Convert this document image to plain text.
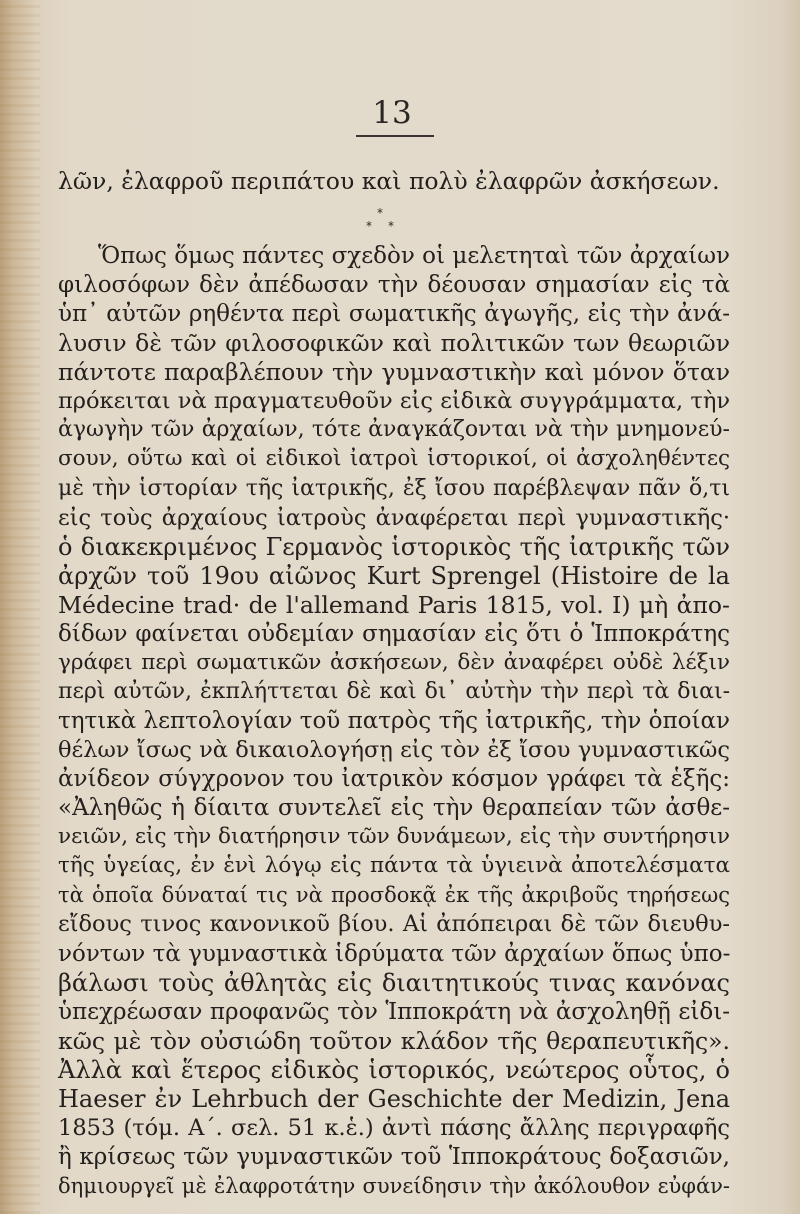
13
λῶν, ἐλαφροῦ περιπάτου καὶ πολὺ ἐλαφρῶν ἀσκήσεων.
*
* *
Ὅπως ὅμως πάντες σχεδὸν οἱ μελετηταὶ τῶν ἀρχαίων
φιλοσόφων δὲν ἀπέδωσαν τὴν δέουσαν σημασίαν εἰς τὰ
ὑπ᾽ αὐτῶν ρηθέντα περὶ σωματικῆς ἀγωγῆς, εἰς τὴν ἀνά-
λυσιν δὲ τῶν φιλοσοφικῶν καὶ πολιτικῶν των θεωριῶν
πάντοτε παραβλέπουν τὴν γυμναστικὴν καὶ μόνον ὅταν
πρόκειται νὰ πραγματευθοῦν εἰς εἰδικὰ συγγράμματα, τὴν
ἀγωγὴν τῶν ἀρχαίων, τότε ἀναγκάζονται νὰ τὴν μνημονεύ-
σουν, οὕτω καὶ οἱ εἰδικοὶ ἰατροὶ ἱστορικοί, οἱ ἀσχοληθέντες
μὲ τὴν ἱστορίαν τῆς ἰατρικῆς, ἐξ ἴσου παρέβλεψαν πᾶν ὅ,τι
εἰς τοὺς ἀρχαίους ἰατροὺς ἀναφέρεται περὶ γυμναστικῆς·
ὁ διακεκριμένος Γερμανὸς ἱστορικὸς τῆς ἰατρικῆς τῶν
ἀρχῶν τοῦ 19ου αἰῶνος Kurt Sprengel (Histoire de la
Médecine trad· de l'allemand Paris 1815, vol. I) μὴ ἀπο-
δίδων φαίνεται οὐδεμίαν σημασίαν εἰς ὅτι ὁ Ἱπποκράτης
γράφει περὶ σωματικῶν ἀσκήσεων, δὲν ἀναφέρει οὐδὲ λέξιν
περὶ αὐτῶν, ἐκπλήττεται δὲ καὶ δι᾽ αὐτὴν τὴν περὶ τὰ διαι-
τητικὰ λεπτολογίαν τοῦ πατρὸς τῆς ἰατρικῆς, τὴν ὁποίαν
θέλων ἴσως νὰ δικαιολογήσῃ εἰς τὸν ἐξ ἴσου γυμναστικῶς
ἀνίδεον σύγχρονον του ἰατρικὸν κόσμον γράφει τὰ ἑξῆς:
«Ἀληθῶς ἡ δίαιτα συντελεῖ εἰς τὴν θεραπείαν τῶν ἀσθε-
νειῶν, εἰς τὴν διατήρησιν τῶν δυνάμεων, εἰς τὴν συντήρησιν
τῆς ὑγείας, ἐν ἑνὶ λόγῳ εἰς πάντα τὰ ὑγιεινὰ ἀποτελέσματα
τὰ ὁποῖα δύναταί τις νὰ προσδοκᾷ ἐκ τῆς ἀκριβοῦς τηρήσεως
εἴδους τινος κανονικοῦ βίου. Αἱ ἀπόπειραι δὲ τῶν διευθυ-
νόντων τὰ γυμναστικὰ ἱδρύματα τῶν ἀρχαίων ὅπως ὑπο-
βάλωσι τοὺς ἀθλητὰς εἰς διαιτητικούς τινας κανόνας
ὑπεχρέωσαν προφανῶς τὸν Ἱπποκράτη νὰ ἀσχοληθῇ εἰδι-
κῶς μὲ τὸν οὐσιώδη τοῦτον κλάδον τῆς θεραπευτικῆς».
Ἀλλὰ καὶ ἕτερος εἰδικὸς ἱστορικός, νεώτερος οὗτος, ὁ
Haeser ἐν Lehrbuch der Geschichte der Medizin, Jena
1853 (τόμ. Α΄. σελ. 51 κ.ἑ.) ἀντὶ πάσης ἄλλης περιγραφῆς
ἢ κρίσεως τῶν γυμναστικῶν τοῦ Ἱπποκράτους δοξασιῶν,
δημιουργεῖ μὲ ἐλαφροτάτην συνείδησιν τὴν ἀκόλουθον εὐφάν-
